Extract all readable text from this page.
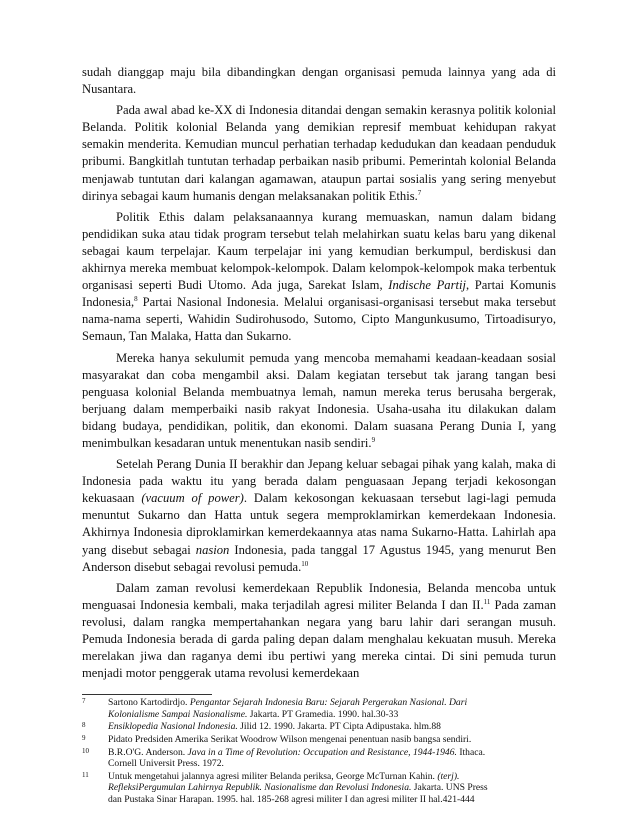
sudah dianggap maju bila dibandingkan dengan organisasi pemuda lainnya yang ada di Nusantara.

Pada awal abad ke-XX di Indonesia ditandai dengan semakin kerasnya politik kolonial Belanda. Politik kolonial Belanda yang demikian represif membuat kehidupan rakyat semakin menderita. Kemudian muncul perhatian terhadap kedudukan dan keadaan penduduk pribumi. Bangkitlah tuntutan terhadap perbaikan nasib pribumi. Pemerintah kolonial Belanda menjawab tuntutan dari kalangan agamawan, ataupun partai sosialis yang sering menyebut dirinya sebagai kaum humanis dengan melaksanakan politik Ethis.$^7$

Politik Ethis dalam pelaksanaannya kurang memuaskan, namun dalam bidang pendidikan suka atau tidak program tersebut telah melahirkan suatu kelas baru yang dikenal sebagai kaum terpelajar. Kaum terpelajar ini yang kemudian berkumpul, berdiskusi dan akhirnya mereka membuat kelompok-kelompok. Dalam kelompok-kelompok maka terbentuk organisasi seperti Budi Utomo. Ada juga, Sarekat Islam, Indische Partij, Partai Komunis Indonesia,$^8$ Partai Nasional Indonesia. Melalui organisasi-organisasi tersebut maka tersebut nama-nama seperti, Wahidin Sudirohusodo, Sutomo, Cipto Mangunkusumo, Tirtoadisuryo, Semaun, Tan Malaka, Hatta dan Sukarno.

Mereka hanya sekulumit pemuda yang mencoba memahami keadaan-keadaan sosial masyarakat dan coba mengambil aksi. Dalam kegiatan tersebut tak jarang tangan besi penguasa kolonial Belanda membuatnya lemah, namun mereka terus berusaha bergerak, berjuang dalam memperbaiki nasib rakyat Indonesia. Usaha-usaha itu dilakukan dalam bidang budaya, pendidikan, politik, dan ekonomi. Dalam suasana Perang Dunia I, yang menimbulkan kesadaran untuk menentukan nasib sendiri.$^9$

Setelah Perang Dunia II berakhir dan Jepang keluar sebagai pihak yang kalah, maka di Indonesia pada waktu itu yang berada dalam penguasaan Jepang terjadi kekosongan kekuasaan (vacuum of power). Dalam kekosongan kekuasaan tersebut lagi-lagi pemuda menuntut Sukarno dan Hatta untuk segera memproklamirkan kemerdekaan Indonesia. Akhirnya Indonesia diproklamirkan kemerdekaannya atas nama Sukarno-Hatta. Lahirlah apa yang disebut sebagai nasion Indonesia, pada tanggal 17 Agustus 1945, yang menurut Ben Anderson disebut sebagai revolusi pemuda.$^{10}$

Dalam zaman revolusi kemerdekaan Republik Indonesia, Belanda mencoba untuk menguasai Indonesia kembali, maka terjadilah agresi militer Belanda I dan II.$^{11}$ Pada zaman revolusi, dalam rangka mempertahankan negara yang baru lahir dari serangan musuh. Pemuda Indonesia berada di garda paling depan dalam menghalau kekuatan musuh. Mereka merelakan jiwa dan raganya demi ibu pertiwi yang mereka cintai. Di sini pemuda turun menjadi motor penggerak utama revolusi kemerdekaan

7	Sartono Kartodirdjo. Pengantar Sejarah Indonesia Baru: Sejarah Pergerakan Nasional. Dari
Kolonialisme Sampai Nasionalisme. Jakarta. PT Gramedia. 1990. hal.30-33
8	Ensiklopedia Nasional Indonesia. Jilid 12. 1990. Jakarta. PT Cipta Adipustaka. hlm.88
9	Pidato Predsiden Amerika Serikat Woodrow Wilson mengenai penentuan nasib bangsa sendiri.
10	B.R.O'G. Anderson. Java in a Time of Revolution: Occupation and Resistance, 1944-1946. Ithaca.
Cornell Universit Press. 1972.
11	Untuk mengetahui jalannya agresi militer Belanda periksa, George McTurnan Kahin. (terj).
RefleksiPergumulan Lahirnya Republik. Nasionalisme dan Revolusi Indonesia. Jakarta. UNS Press
dan Pustaka Sinar Harapan. 1995. hal. 185-268 agresi militer I dan agresi militer II hal.421-444
